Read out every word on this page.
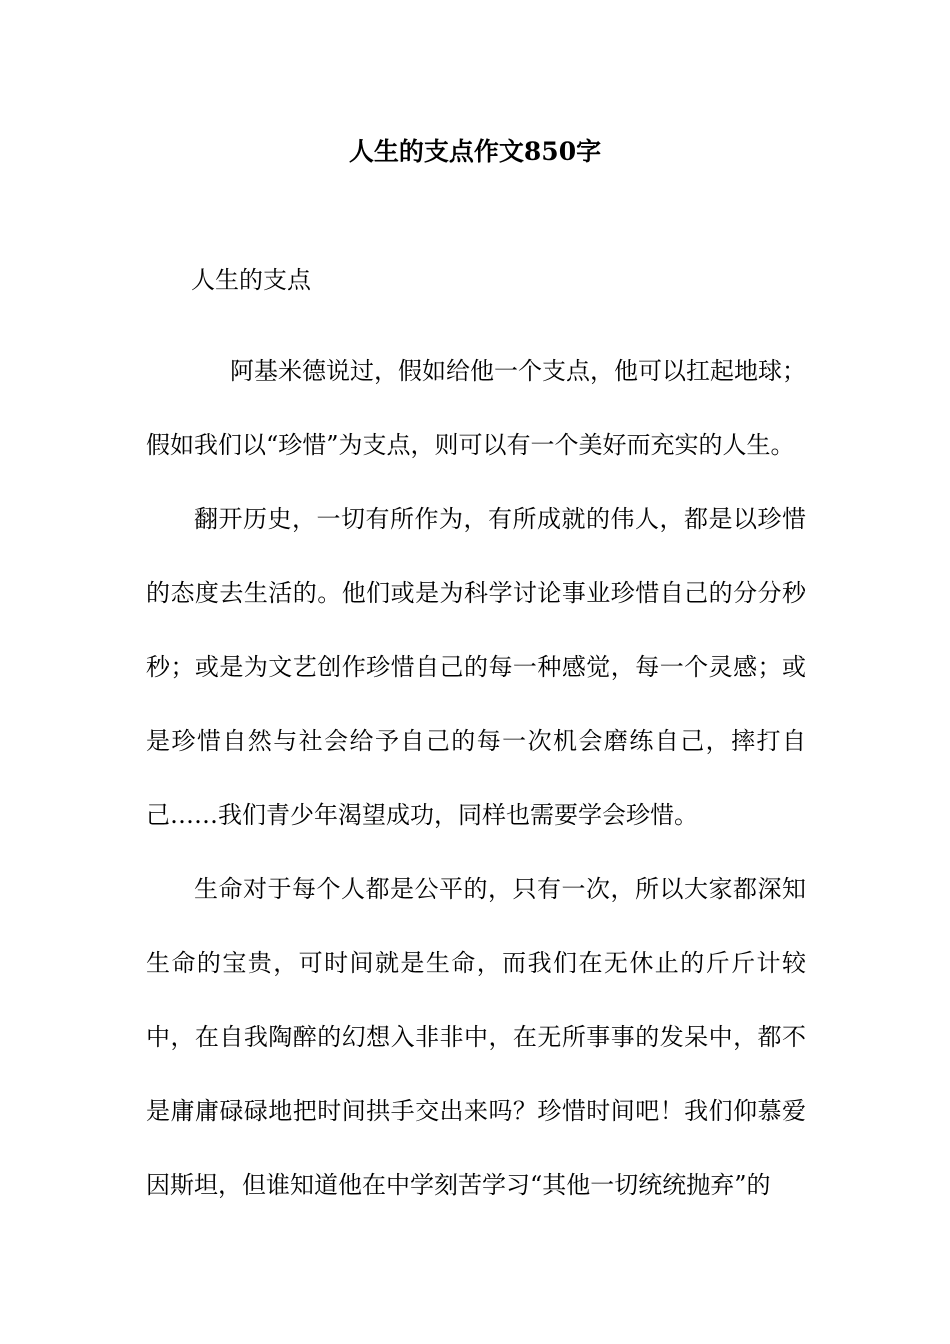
人生的支点作文850字
人生的支点

阿基米德说过，假如给他一个支点，他可以扛起地球；假如我们以“珍惜”为支点，则可以有一个美好而充实的人生。

翻开历史，一切有所作为，有所成就的伟人，都是以珍惜的态度去生活的。他们或是为科学讨论事业珍惜自己的分分秒秒；或是为文艺创作珍惜自己的每一种感觉，每一个灵感；或是珍惜自然与社会给予自己的每一次机会磨练自己，摔打自己……我们青少年渴望成功，同样也需要学会珍惜。

生命对于每个人都是公平的，只有一次，所以大家都深知生命的宝贵，可时间就是生命，而我们在无休止的斤斤计较中，在自我陶醉的幻想入非非中，在无所事事的发呆中，都不是庸庸碌碌地把时间拱手交出来吗？珍惜时间吧！我们仰慕爱因斯坦，但谁知道他在中学刻苦学习“其他一切统统抛弃”的
